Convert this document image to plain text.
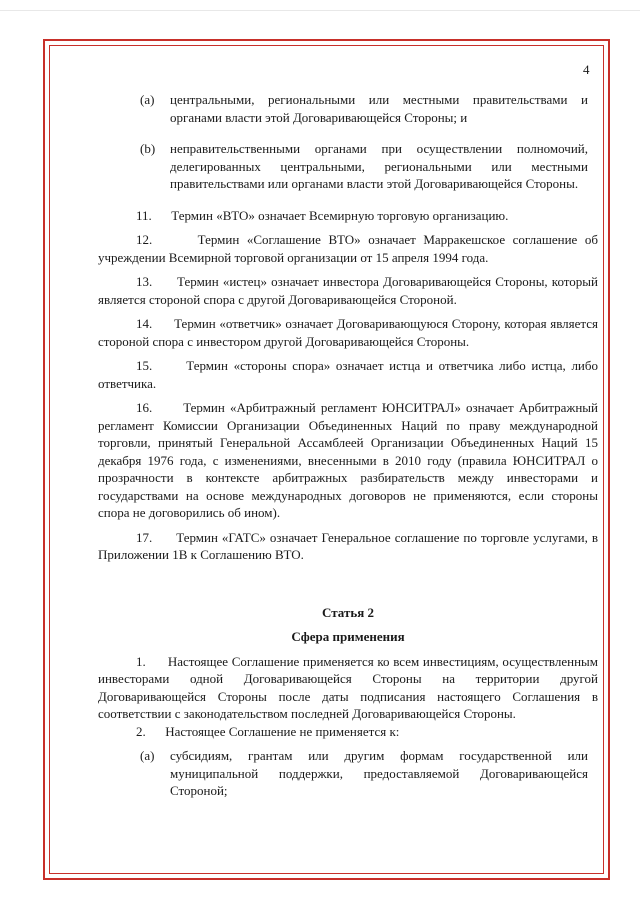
4
(a) центральными, региональными или местными правительствами и органами власти этой Договаривающейся Стороны; и
(b) неправительственными органами при осуществлении полномочий, делегированных центральными, региональными или местными правительствами или органами власти этой Договаривающейся Стороны.

11. Термин «ВТО» означает Всемирную торговую организацию.

12.	Термин «Соглашение ВТО» означает Марракешское соглашение об учреждении Всемирной торговой организации от 15 апреля 1994 года.

13. Термин «истец» означает инвестора Договаривающейся Стороны, который является стороной спора с другой Договаривающейся Стороной.

14. Термин «ответчик» означает Договаривающуюся Сторону, которая является стороной спора с инвестором другой Договаривающейся Стороны.

15.	Термин «стороны спора» означает истца и ответчика либо истца, либо ответчика.

16. Термин «Арбитражный регламент ЮНСИТРАЛ» означает Арбитражный регламент Комиссии Организации Объединенных Наций по праву международной торговли, принятый Генеральной Ассамблеей Организации Объединенных Наций 15 декабря 1976 года, с изменениями, внесенными в 2010 году (правила ЮНСИТРАЛ о прозрачности в контексте арбитражных разбирательств между инвесторами и государствами на основе международных договоров не применяются, если стороны спора не договорились об ином).

17. Термин «ГАТС» означает Генеральное соглашение по торговле услугами, в Приложении 1В к Соглашению ВТО.

Статья 2

Сфера применения

1. Настоящее Соглашение применяется ко всем инвестициям, осуществленным инвесторами одной Договаривающейся Стороны на территории другой Договаривающейся Стороны после даты подписания настоящего Соглашения в соответствии с законодательством последней Договаривающейся Стороны.

2. Настоящее Соглашение не применяется к:

(a) субсидиям, грантам или другим формам государственной или муниципальной поддержки, предоставляемой Договаривающейся Стороной;
